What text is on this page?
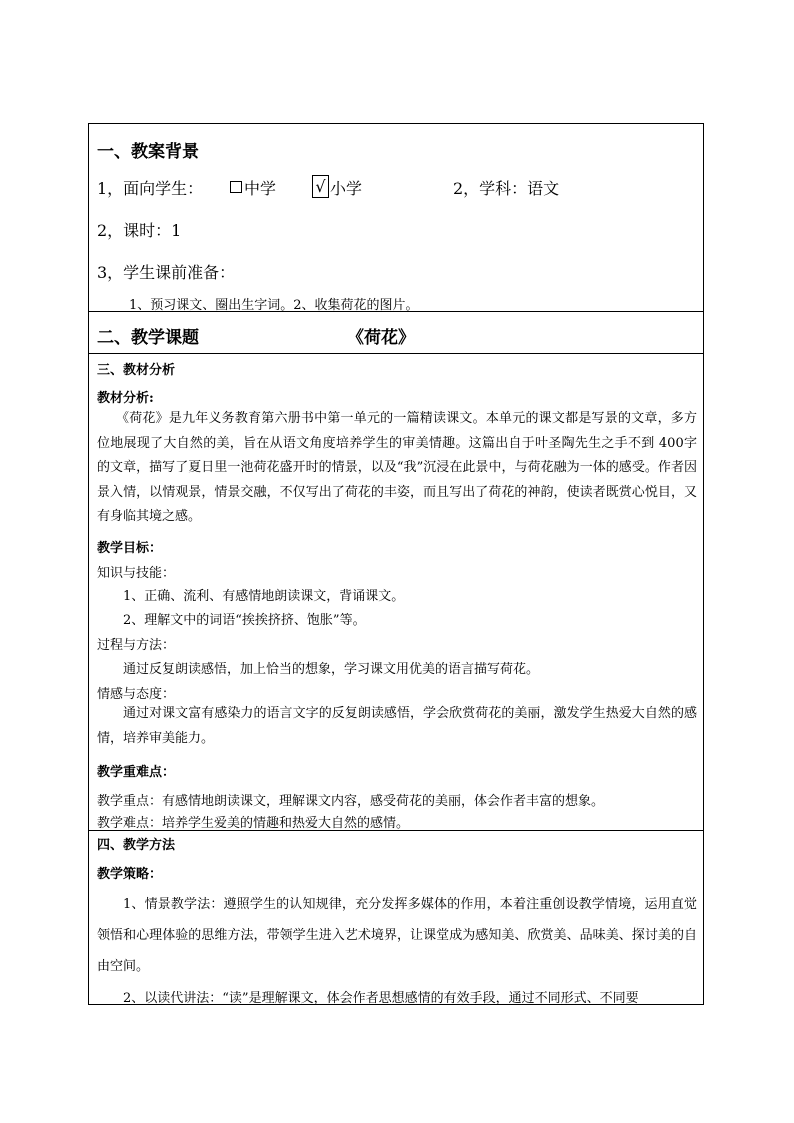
一、教案背景
1，面向学生：	中学 √ 小学	2，学科：语文
2，课时：1
3，学生课前准备：
1、预习课文、圈出生字词。2、收集荷花的图片。
二、教学课题	《荷花》
三、教材分析
教材分析:
《荷花》是九年义务教育第六册书中第一单元的一篇精读课文。本单元的课文都是写景的文章，多方位地展现了大自然的美，旨在从语文角度培养学生的审美情趣。这篇出自于叶圣陶先生之手不到 400字的文章，描写了夏日里一池荷花盛开时的情景，以及“我”沉浸在此景中，与荷花融为一体的感受。作者因景入情，以情观景，情景交融，不仅写出了荷花的丰姿，而且写出了荷花的神韵，使读者既赏心悦目，又有身临其境之感。
教学目标：
知识与技能：
1、正确、流利、有感情地朗读课文，背诵课文。
2、理解文中的词语“挨挨挤挤、饱胀”等。
过程与方法：
通过反复朗读感悟，加上恰当的想象，学习课文用优美的语言描写荷花。
情感与态度：
通过对课文富有感染力的语言文字的反复朗读感悟，学会欣赏荷花的美丽，激发学生热爱大自然的感情，培养审美能力。
教学重难点：
教学重点：有感情地朗读课文，理解课文内容，感受荷花的美丽，体会作者丰富的想象。
教学难点：培养学生爱美的情趣和热爱大自然的感情。
四、教学方法
教学策略：
1、情景教学法：遵照学生的认知规律，充分发挥多媒体的作用，本着注重创设教学情境，运用直觉领悟和心理体验的思维方法，带领学生进入艺术境界，让课堂成为感知美、欣赏美、品味美、探讨美的自由空间。
2、以读代讲法：“读”是理解课文，体会作者思想感情的有效手段，通过不同形式、不同要
